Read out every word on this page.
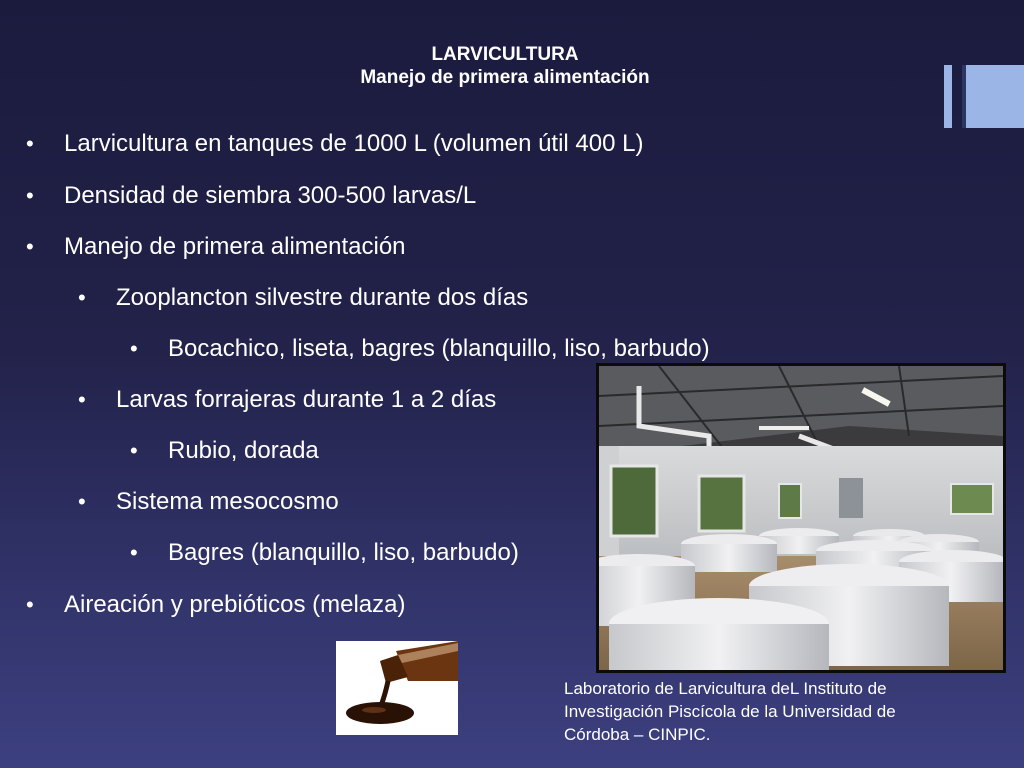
LARVICULTURA
Manejo de primera alimentación
• Larvicultura en tanques de 1000 L (volumen útil 400 L)
• Densidad de siembra 300-500 larvas/L
• Manejo de primera alimentación
• Zooplancton silvestre durante dos días
• Bocachico, liseta, bagres (blanquillo, liso, barbudo)
• Larvas forrajeras durante 1 a 2 días
• Rubio, dorada
• Sistema mesocosmo
• Bagres (blanquillo, liso, barbudo)
• Aireación y prebióticos (melaza)
Laboratorio de Larvicultura deL Instituto de
Investigación Piscícola de la Universidad de
Córdoba – CINPIC.
